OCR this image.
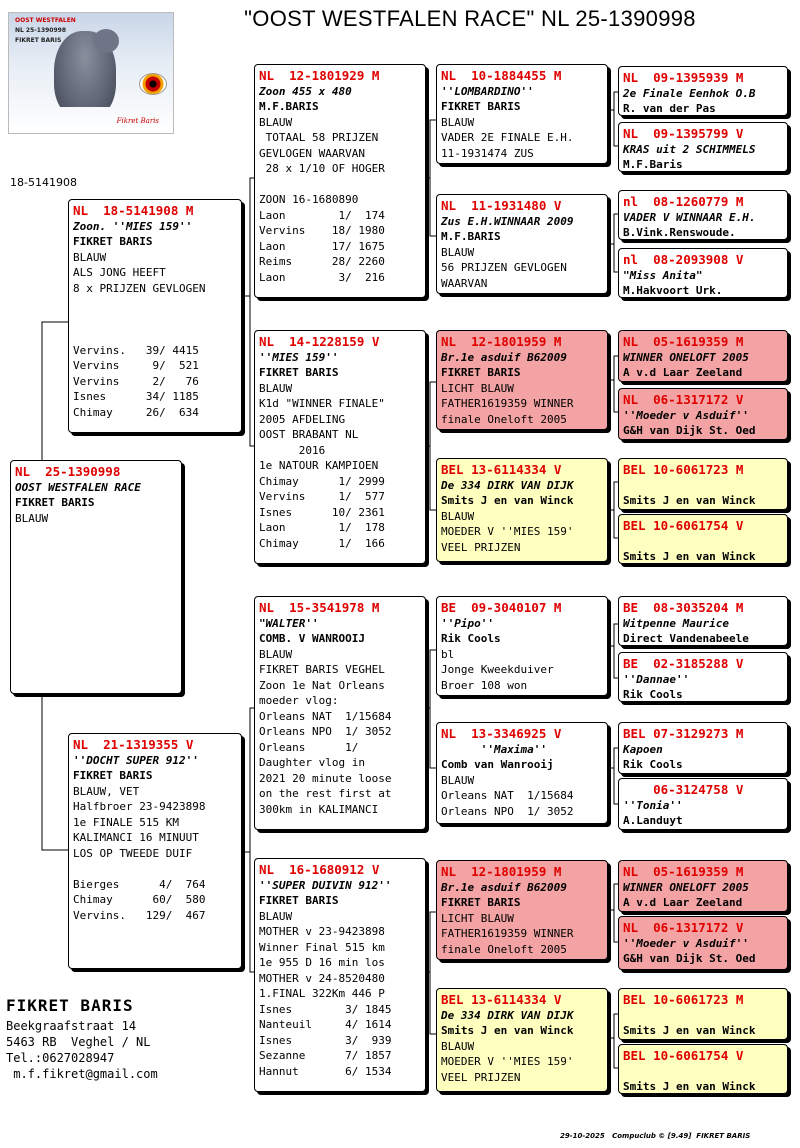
"OOST WESTFALEN RACE" NL 25-1390998
OOST WESTFALEN
NL 25-1390998
FIKRET BARIS
Fikret Baris
18-5141908
NL  25-1390998
OOST WESTFALEN RACE
FIKRET BARIS
BLAUW
NL  18-5141908 M
Zoon. ''MIES 159''
FIKRET BARIS
BLAUW
ALS JONG HEEFT
8 x PRIJZEN GEVLOGEN
Vervins.   39/ 4415
Vervins     9/  521
Vervins     2/   76
Isnes      34/ 1185
Chimay     26/  634
NL  21-1319355 V
''DOCHT SUPER 912''
FIKRET BARIS
BLAUW, VET
Halfbroer 23-9423898
1e FINALE 515 KM
KALIMANCI 16 MINUUT
LOS OP TWEEDE DUIF
Bierges      4/  764
Chimay      60/  580
Vervins.   129/  467
NL  12-1801929 M
Zoon 455 x 480
M.F.BARIS
BLAUW
TOTAAL 58 PRIJZEN
GEVLOGEN WAARVAN
28 x 1/10 OF HOGER
ZOON 16-1680890
Laon        1/  174
Vervins    18/ 1980
Laon       17/ 1675
Reims      28/ 2260
Laon        3/  216
NL  14-1228159 V
''MIES 159''
FIKRET BARIS
BLAUW
K1d "WINNER FINALE"
2005 AFDELING
OOST BRABANT NL
2016
1e NATOUR KAMPIOEN
Chimay      1/ 2999
Vervins     1/  577
Isnes      10/ 2361
Laon        1/  178
Chimay      1/  166
NL  15-3541978 M
"WALTER''
COMB. V WANROOIJ
BLAUW
FIKRET BARIS VEGHEL
Zoon 1e Nat Orleans
moeder vlog:
Orleans NAT  1/15684
Orleans NPO  1/ 3052
Orleans      1/
Daughter vlog in
2021 20 minute loose
on the rest first at
300km in KALIMANCI
NL  16-1680912 V
''SUPER DUIVIN 912''
FIKRET BARIS
BLAUW
MOTHER v 23-9423898
Winner Final 515 km
1e 955 D 16 min los
MOTHER v 24-8520480
1.FINAL 322Km 446 P
Isnes        3/ 1845
Nanteuil     4/ 1614
Isnes        3/  939
Sezanne      7/ 1857
Hannut       6/ 1534
NL  10-1884455 M
''LOMBARDINO''
FIKRET BARIS
BLAUW
VADER 2E FINALE E.H.
11-1931474 ZUS
NL  11-1931480 V
Zus E.H.WINNAAR 2009
M.F.BARIS
BLAUW
56 PRIJZEN GEVLOGEN
WAARVAN
NL  12-1801959 M
Br.1e asduif B62009
FIKRET BARIS
LICHT BLAUW
FATHER1619359 WINNER
finale Oneloft 2005
BEL 13-6114334 V
De 334 DIRK VAN DIJK
Smits J en van Winck
BLAUW
MOEDER V ''MIES 159'
VEEL PRIJZEN
BE  09-3040107 M
''Pipo''
Rik Cools
bl
Jonge Kweekduiver
Broer 108 won
NL  13-3346925 V
''Maxima''
Comb van Wanrooij
BLAUW
Orleans NAT  1/15684
Orleans NPO  1/ 3052
NL  12-1801959 M
Br.1e asduif B62009
FIKRET BARIS
LICHT BLAUW
FATHER1619359 WINNER
finale Oneloft 2005
BEL 13-6114334 V
De 334 DIRK VAN DIJK
Smits J en van Winck
BLAUW
MOEDER V ''MIES 159'
VEEL PRIJZEN
NL  09-1395939 M
2e Finale Eenhok O.B
R. van der Pas
NL  09-1395799 V
KRAS uit 2 SCHIMMELS
M.F.Baris
nl  08-1260779 M
VADER V WINNAAR E.H.
B.Vink.Renswoude.
nl  08-2093908 V
"Miss Anita"
M.Hakvoort Urk.
NL  05-1619359 M
WINNER ONELOFT 2005
A v.d Laar Zeeland
NL  06-1317172 V
''Moeder v Asduif''
G&H van Dijk St. Oed
BEL 10-6061723 M
Smits J en van Winck
BEL 10-6061754 V
Smits J en van Winck
BE  08-3035204 M
Witpenne Maurice
Direct Vandenabeele
BE  02-3185288 V
''Dannae''
Rik Cools
BEL 07-3129273 M
Kapoen
Rik Cools
06-3124758 V
''Tonia''
A.Landuyt
NL  05-1619359 M
WINNER ONELOFT 2005
A v.d Laar Zeeland
NL  06-1317172 V
''Moeder v Asduif''
G&H van Dijk St. Oed
BEL 10-6061723 M
Smits J en van Winck
BEL 10-6061754 V
Smits J en van Winck
FIKRET BARIS
Beekgraafstraat 14
5463 RB  Veghel / NL
Tel.:0627028947
m.f.fikret@gmail.com
29-10-2025   Compuclub © [9.49]  FIKRET BARIS
